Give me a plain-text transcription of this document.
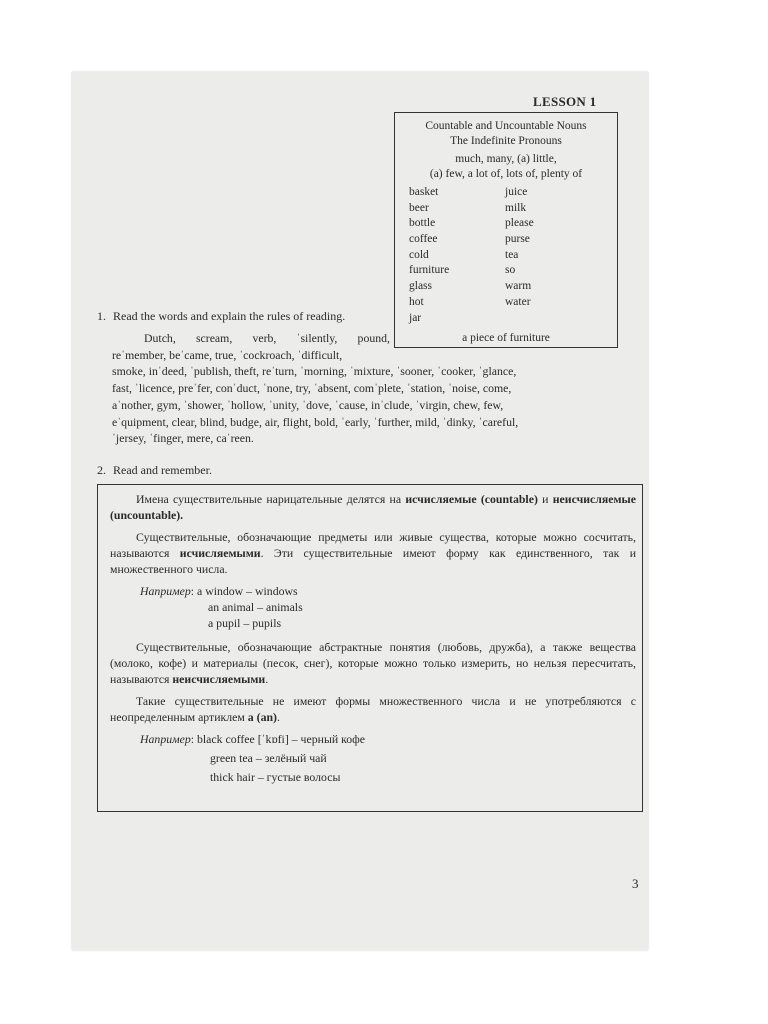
LESSON 1
Countable and Uncountable Nouns
The Indefinite Pronouns
much, many, (a) little,
(a) few, a lot of, lots of, plenty of
basket	juice
beer	milk
bottle	please
coffee	purse
cold	tea
furniture	so
glass	warm
hot	water
jar
a piece of furniture
1. Read the words and explain the rules of reading.
Dutch, scream, verb, ˈsilently, pound,
reˈmember, beˈcame, true, ˈcockroach, ˈdifficult,
smoke, inˈdeed, ˈpublish, theft, reˈturn, ˈmorning, ˈmixture, ˈsooner, ˈcooker, ˈglance,
fast, ˈlicence, preˈfer, conˈduct, ˈnone, try, ˈabsent, comˈplete, ˈstation, ˈnoise, come,
aˈnother, gym, ˈshower, ˈhollow, ˈunity, ˈdove, ˈcause, inˈclude, ˈvirgin, chew, few,
eˈquipment, clear, blind, budge, air, flight, bold, ˈearly, ˈfurther, mild, ˈdinky, ˈcareful,
ˈjersey, ˈfinger, mere, caˈreen.
2. Read and remember.

Имена существительные нарицательные делятся на исчисляемые (countable) и неисчисляемые (uncountable).

Существительные, обозначающие предметы или живые существа, которые можно сосчитать, называются исчисляемыми. Эти существительные имеют форму как единственного, так и множественного числа.

Например: a window – windows
an animal – animals
a pupil – pupils

Существительные, обозначающие абстрактные понятия (любовь, дружба), а также вещества (молоко, кофе) и материалы (песок, снег), которые можно только измерить, но нельзя пересчитать, называются неисчисляемыми.

Такие существительные не имеют формы множественного числа и не употребляются с неопределенным артиклем a (an).

Например: black coffee [ˈkɒfi] – черный кофе
green tea – зелёный чай
thick hair – густые волосы
3
